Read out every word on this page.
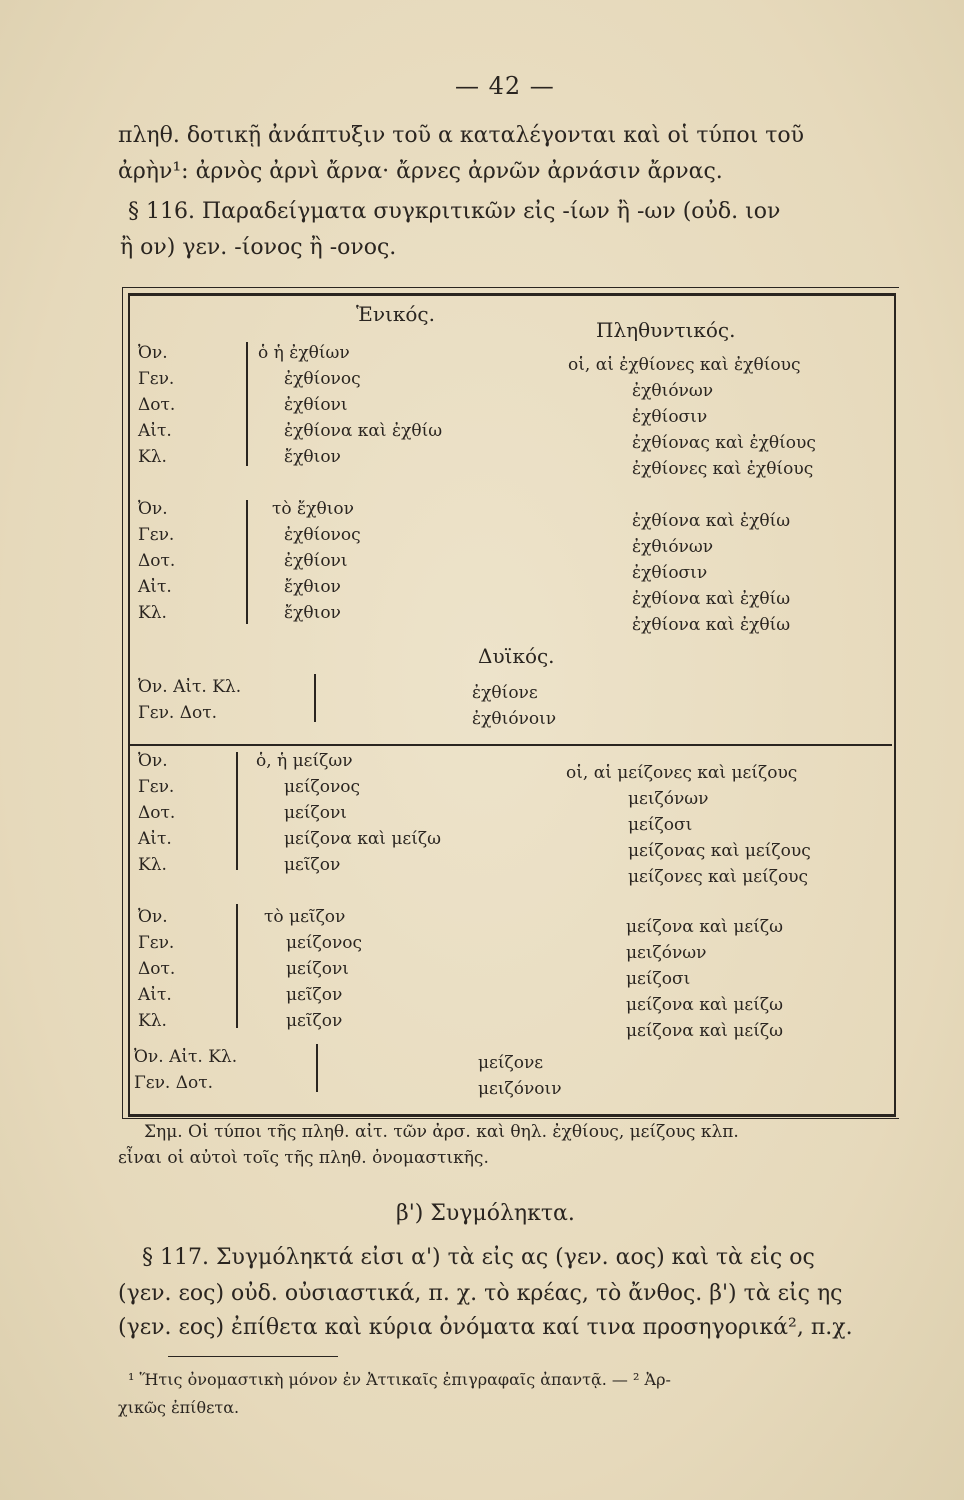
— 42 —
πληθ. δοτικῇ ἀνάπτυξιν τοῦ α καταλέγονται καὶ οἱ τύποι τοῦ
ἀρὴν¹: ἀρνὸς ἀρνὶ ἄρνα· ἄρνες ἀρνῶν ἀρνάσιν ἄρνας.
§ 116. Παραδείγματα συγκριτικῶν εἰς -ίων ἢ -ων (οὐδ. ιον
ἢ ον) γεν. -ίονος ἢ -ονος.
Ἑνικός.
Πληθυντικός.
Δυϊκός.
Ὀν.
Γεν.
Δοτ.
Αἰτ.
Κλ.
ὁ ἡ ἐχθίων
ἐχθίονος
ἐχθίονι
ἐχθίονα καὶ ἐχθίω
ἔχθιον
οἱ, αἱ ἐχθίονες καὶ ἐχθίους
ἐχθιόνων
ἐχθίοσιν
ἐχθίονας καὶ ἐχθίους
ἐχθίονες καὶ ἐχθίους
Ὀν.
Γεν.
Δοτ.
Αἰτ.
Κλ.
τὸ ἔχθιον
ἐχθίονος
ἐχθίονι
ἔχθιον
ἔχθιον
ἐχθίονα καὶ ἐχθίω
ἐχθιόνων
ἐχθίοσιν
ἐχθίονα καὶ ἐχθίω
ἐχθίονα καὶ ἐχθίω
Ὀν. Αἰτ. Κλ.
Γεν. Δοτ.
ἐχθίονε
ἐχθιόνοιν
Ὀν.
Γεν.
Δοτ.
Αἰτ.
Κλ.
ὁ, ἡ μείζων
μείζονος
μείζονι
μείζονα καὶ μείζω
μεῖζον
οἱ, αἱ μείζονες καὶ μείζους
μειζόνων
μείζοσι
μείζονας καὶ μείζους
μείζονες καὶ μείζους
Ὀν.
Γεν.
Δοτ.
Αἰτ.
Κλ.
τὸ μεῖζον
μείζονος
μείζονι
μεῖζον
μεῖζον
μείζονα καὶ μείζω
μειζόνων
μείζοσι
μείζονα καὶ μείζω
μείζονα καὶ μείζω
Ὀν. Αἰτ. Κλ.
Γεν. Δοτ.
μείζονε
μειζόνοιν
Σημ. Οἱ τύποι τῆς πληθ. αἰτ. τῶν ἀρσ. καὶ θηλ. ἐχθίους, μείζους κλπ.
εἶναι οἱ αὐτοὶ τοῖς τῆς πληθ. ὀνομαστικῆς.
β') Συγμόληκτα.
§ 117. Συγμόληκτά εἰσι α') τὰ εἰς ας (γεν. αος) καὶ τὰ εἰς ος
(γεν. εος) οὐδ. οὐσιαστικά, π. χ. τὸ κρέας, τὸ ἄνθος. β') τὰ εἰς ης
(γεν. εος) ἐπίθετα καὶ κύρια ὀνόματα καί τινα προσηγορικά², π.χ.
¹ Ἥτις ὀνομαστικὴ μόνον ἐν Ἀττικαῖς ἐπιγραφαῖς ἀπαντᾷ. — ² Ἀρ-
χικῶς ἐπίθετα.
